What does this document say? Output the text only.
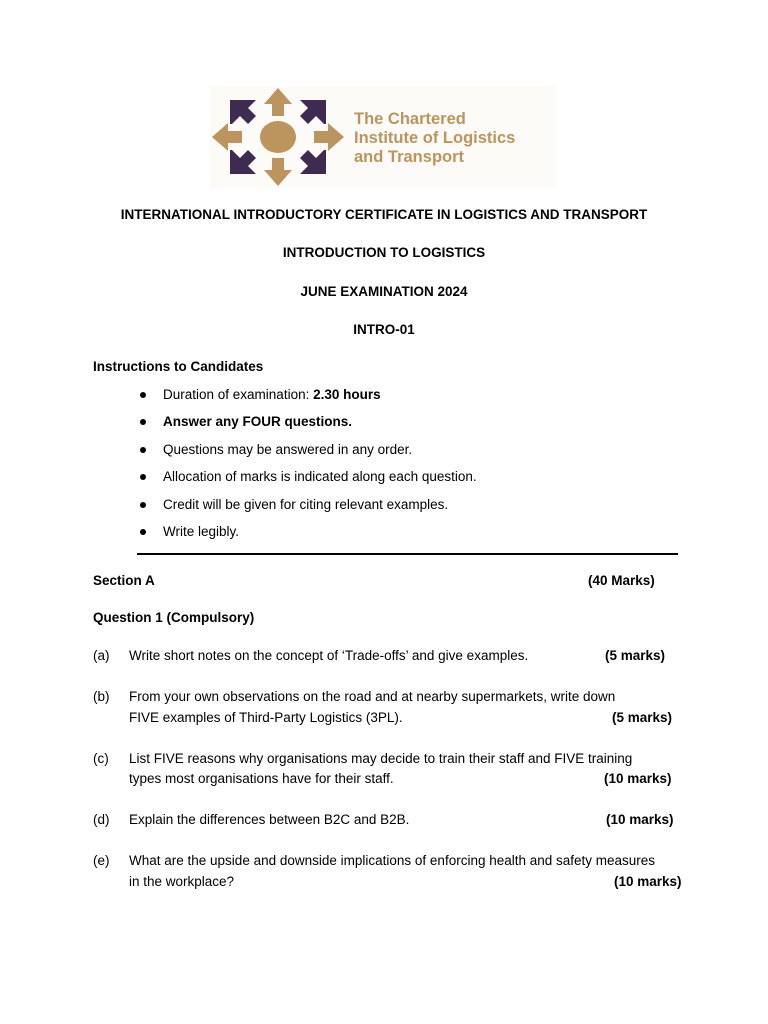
The Chartered
Institute of Logistics
and Transport
INTERNATIONAL INTRODUCTORY CERTIFICATE IN LOGISTICS AND TRANSPORT
INTRODUCTION TO LOGISTICS
JUNE EXAMINATION 2024
INTRO-01
Instructions to Candidates
Duration of examination: 2.30 hours
Answer any FOUR questions.
Questions may be answered in any order.
Allocation of marks is indicated along each question.
Credit will be given for citing relevant examples.
Write legibly.
Section A	(40 Marks)
Question 1 (Compulsory)
(a) Write short notes on the concept of ‘Trade-offs’ and give examples.	(5 marks)
(b) From your own observations on the road and at nearby supermarkets, write down
FIVE examples of Third-Party Logistics (3PL).	(5 marks)
(c) List FIVE reasons why organisations may decide to train their staff and FIVE training
types most organisations have for their staff.	(10 marks)
(d) Explain the differences between B2C and B2B.	(10 marks)
(e) What are the upside and downside implications of enforcing health and safety measures
in the workplace?	(10 marks)
